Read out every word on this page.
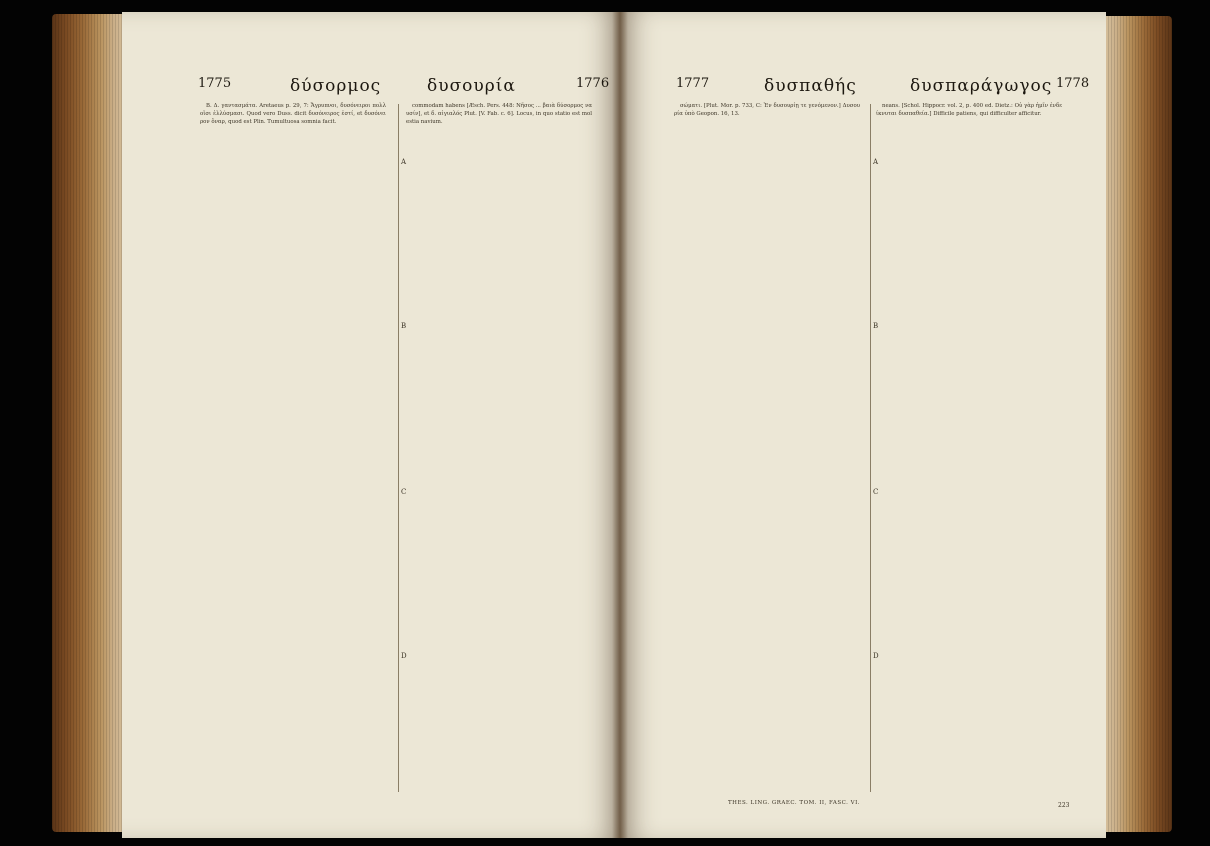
1775	δύσορμος	δυσουρία	1776

B. Δ. γαντασμάτα. Aretaeus p. 29, 7: Ἄγρυπνοι, δυσόνειροι πολλοῖσι ἐλλύσμασι. Quod vero Duss. dicit δυσόνειρος ἐστί, et δυσόνειρον ὄναρ, quod est Plin. Tumultuosa somnia facit.

commodam habens [Æsch. Pers. 448: Νῆσος ... βαιὰ δύσορμος ναυσίν], et δ. αἰγιαλός Plut. [V. Fab. c. 6]. Locus, in quo statio est molestia navium.

A
B
C
D
1777	δυσπαθής	δυσπαράγωγος 1778

σώματι. [Plut. Mor. p. 733, C: Ἐν δυσουρίῃ τε γενόμενον.] Δυσουρία ὑπὸ Geopon. 16, 13.

neans. [Schol. Hippocr. vol. 2, p. 400 ed. Dietz.: Οὐ γὰρ ἡμῖν ἐνδείκνυται δυσπαθεία.] Difficile patiens, qui difficulter afficitur.

A
B
C
D
THES. LING. GRAEC. TOM. II, FASC. VI.	223
